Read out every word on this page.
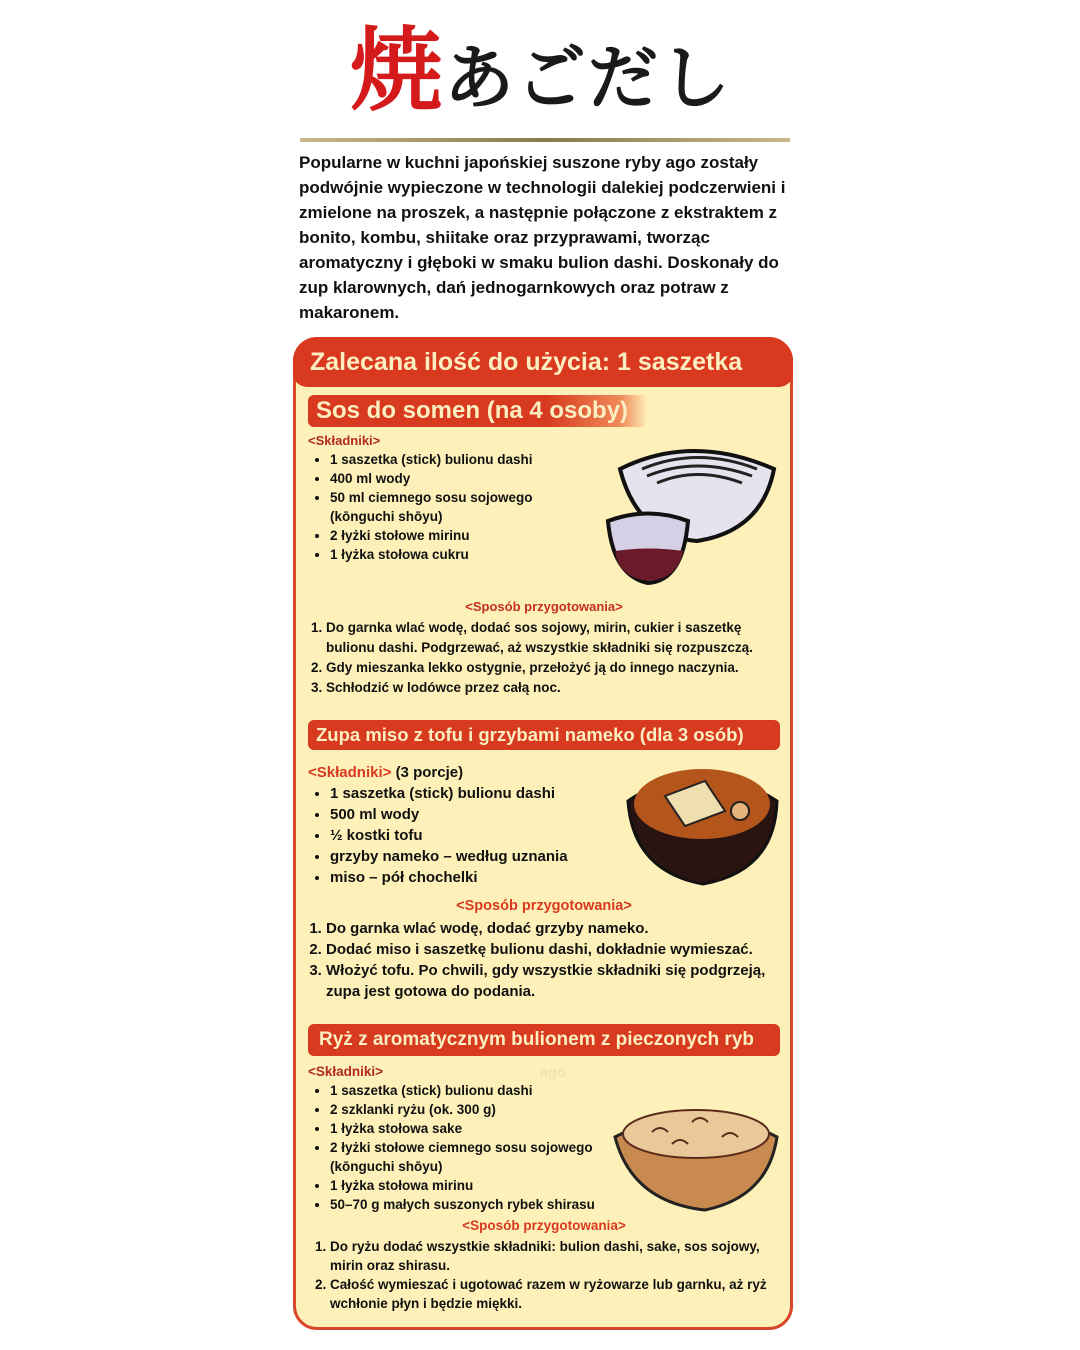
焼あごだし

Popularne w kuchni japońskiej suszone ryby ago zostały podwójnie wypieczone w technologii dalekiej podczerwieni i zmielone na proszek, a następnie połączone z ekstraktem z bonito, kombu, shiitake oraz przyprawami, tworząc aromatyczny i głęboki w smaku bulion dashi. Doskonały do zup klarownych, dań jednogarnkowych oraz potraw z makaronem.

Zalecana ilość do użycia: 1 saszetka
Sos do somen (na 4 osoby)
<Składniki>
• 1 saszetka (stick) bulionu dashi
• 400 ml wody
• 50 ml ciemnego sosu sojowego (kōnguchi shōyu)
• 2 łyżki stołowe mirinu
• 1 łyżka stołowa cukru
<Sposób przygotowania>
1. Do garnka wlać wodę, dodać sos sojowy, mirin, cukier i saszetkę bulionu dashi. Podgrzewać, aż wszystkie składniki się rozpuszczą.
2. Gdy mieszanka lekko ostygnie, przełożyć ją do innego naczynia.
3. Schłodzić w lodówce przez całą noc.
Zupa miso z tofu i grzybami nameko (dla 3 osób)
<Składniki> (3 porcje)
• 1 saszetka (stick) bulionu dashi
• 500 ml wody
• ½ kostki tofu
• grzyby nameko – według uznania
• miso – pół chochelki
<Sposób przygotowania>
1. Do garnka wlać wodę, dodać grzyby nameko.
2. Dodać miso i saszetkę bulionu dashi, dokładnie wymieszać.
3. Włożyć tofu. Po chwili, gdy wszystkie składniki się podgrzeją, zupa jest gotowa do podania.
Ryż z aromatycznym bulionem z pieczonych ryb
<Składniki>	ago
• 1 saszetka (stick) bulionu dashi
• 2 szklanki ryżu (ok. 300 g)
• 1 łyżka stołowa sake
• 2 łyżki stołowe ciemnego sosu sojowego (kōnguchi shōyu)
• 1 łyżka stołowa mirinu
• 50–70 g małych suszonych rybek shirasu
<Sposób przygotowania>
1. Do ryżu dodać wszystkie składniki: bulion dashi, sake, sos sojowy, mirin oraz shirasu.
2. Całość wymieszać i ugotować razem w ryżowarze lub garnku, aż ryż wchłonie płyn i będzie miękki.
